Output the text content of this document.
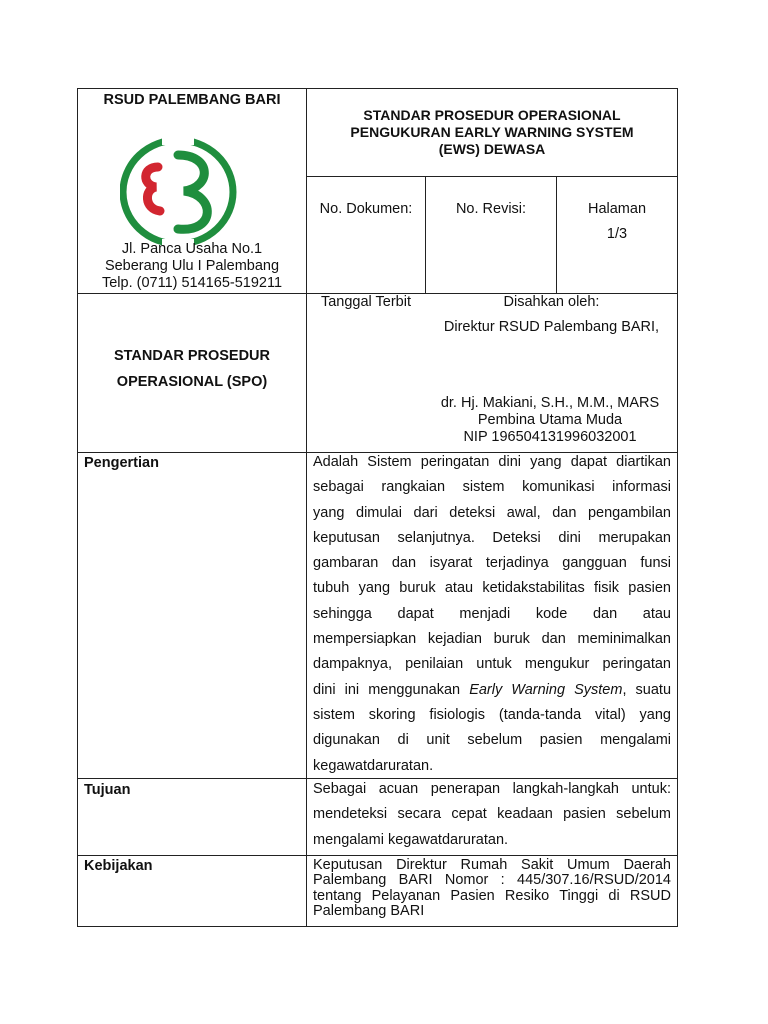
RSUD PALEMBANG BARI
Jl. Panca Usaha No.1
Seberang Ulu I Palembang
Telp. (0711) 514165-519211
STANDAR PROSEDUR OPERASIONAL
PENGUKURAN EARLY WARNING SYSTEM
(EWS) DEWASA
No. Dokumen:	No. Revisi:	Halaman
1/3
STANDAR PROSEDUR
OPERASIONAL (SPO)
Tanggal Terbit	Disahkan oleh:
Direktur RSUD Palembang BARI,
dr. Hj. Makiani, S.H., M.M., MARS
Pembina Utama Muda
NIP 196504131996032001
Pengertian	Adalah Sistem peringatan dini yang dapat diartikan
sebagai rangkaian sistem komunikasi informasi
yang dimulai dari deteksi awal, dan pengambilan
keputusan selanjutnya. Deteksi dini merupakan
gambaran dan isyarat terjadinya gangguan funsi
tubuh yang buruk atau ketidakstabilitas fisik pasien
sehingga dapat menjadi kode dan atau
mempersiapkan kejadian buruk dan meminimalkan
dampaknya, penilaian untuk mengukur peringatan
dini ini menggunakan Early Warning System, suatu
sistem skoring fisiologis (tanda-tanda vital) yang
digunakan di unit sebelum pasien mengalami
kegawatdaruratan.
Tujuan	Sebagai acuan penerapan langkah-langkah untuk:
mendeteksi secara cepat keadaan pasien sebelum
mengalami kegawatdaruratan.
Kebijakan	Keputusan Direktur Rumah Sakit Umum Daerah
Palembang BARI Nomor : 445/307.16/RSUD/2014
tentang Pelayanan Pasien Resiko Tinggi di RSUD
Palembang BARI
